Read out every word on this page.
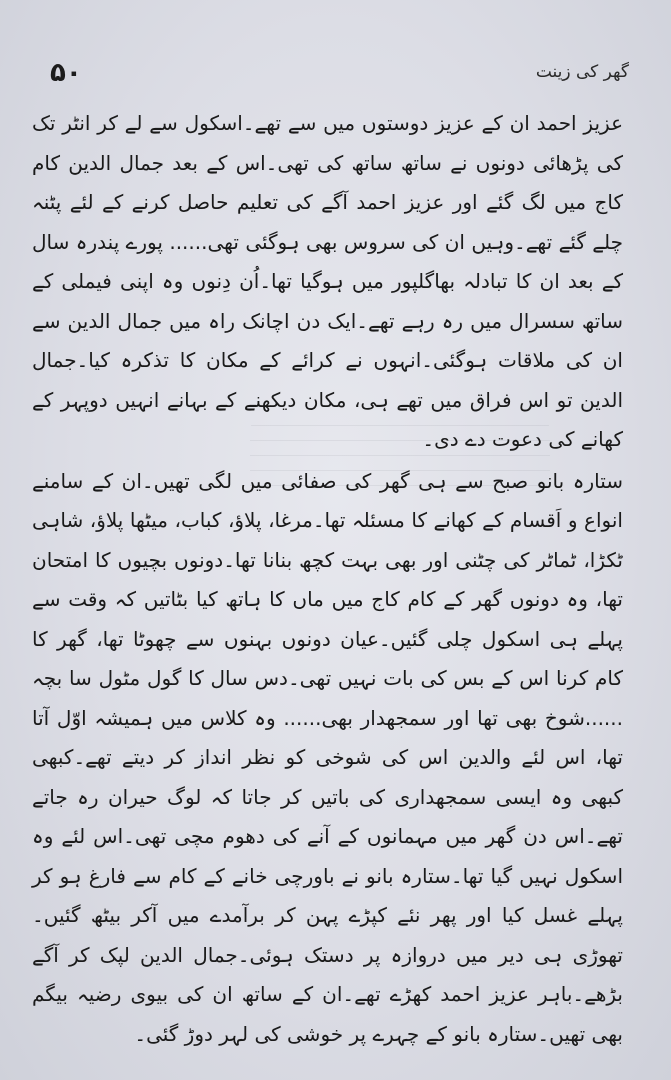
۵۰	گھر کی زینت

عزیز احمد ان کے عزیز دوستوں میں سے تھے۔اسکول سے لے کر انٹر تک کی پڑھائی دونوں نے ساتھ ساتھ کی تھی۔اس کے بعد جمال الدین کام کاج میں لگ گئے اور عزیز احمد آگے کی تعلیم حاصل کرنے کے لئے پٹنہ چلے گئے تھے۔وہیں ان کی سروس بھی ہوگئی تھی...... پورے پندرہ سال کے بعد ان کا تبادلہ بھاگلپور میں ہوگیا تھا۔اُن دِنوں وہ اپنی فیملی کے ساتھ سسرال میں رہ رہے تھے۔ایک دن اچانک راہ میں جمال الدین سے ان کی ملاقات ہوگئی۔انہوں نے کرائے کے مکان کا تذکرہ کیا۔جمال الدین تو اس فراق میں تھے ہی، مکان دیکھنے کے بہانے انہیں دوپہر کے کھانے کی دعوت دے دی۔

ستارہ بانو صبح سے ہی گھر کی صفائی میں لگی تھیں۔ان کے سامنے انواع و اَقسام کے کھانے کا مسئلہ تھا۔مرغا، پلاؤ، کباب، میٹھا پلاؤ، شاہی ٹکڑا، ٹماٹر کی چٹنی اور بھی بہت کچھ بنانا تھا۔دونوں بچیوں کا امتحان تھا، وہ دونوں گھر کے کام کاج میں ماں کا ہاتھ کیا بٹاتیں کہ وقت سے پہلے ہی اسکول چلی گئیں۔عیان دونوں بہنوں سے چھوٹا تھا، گھر کا کام کرنا اس کے بس کی بات نہیں تھی۔دس سال کا گول مٹول سا بچہ ......شوخ بھی تھا اور سمجھدار بھی...... وہ کلاس میں ہمیشہ اوّل آتا تھا، اس لئے والدین اس کی شوخی کو نظر انداز کر دیتے تھے۔کبھی کبھی وہ ایسی سمجھداری کی باتیں کر جاتا کہ لوگ حیران رہ جاتے تھے۔اس دن گھر میں مہمانوں کے آنے کی دھوم مچی تھی۔اس لئے وہ اسکول نہیں گیا تھا۔ستارہ بانو نے باورچی خانے کے کام سے فارغ ہو کر پہلے غسل کیا اور پھر نئے کپڑے پہن کر برآمدے میں آکر بیٹھ گئیں۔تھوڑی ہی دیر میں دروازہ پر دستک ہوئی۔جمال الدین لپک کر آگے بڑھے۔باہر عزیز احمد کھڑے تھے۔ان کے ساتھ ان کی بیوی رضیہ بیگم بھی تھیں۔ستارہ بانو کے چہرے پر خوشی کی لہر دوڑ گئی۔
